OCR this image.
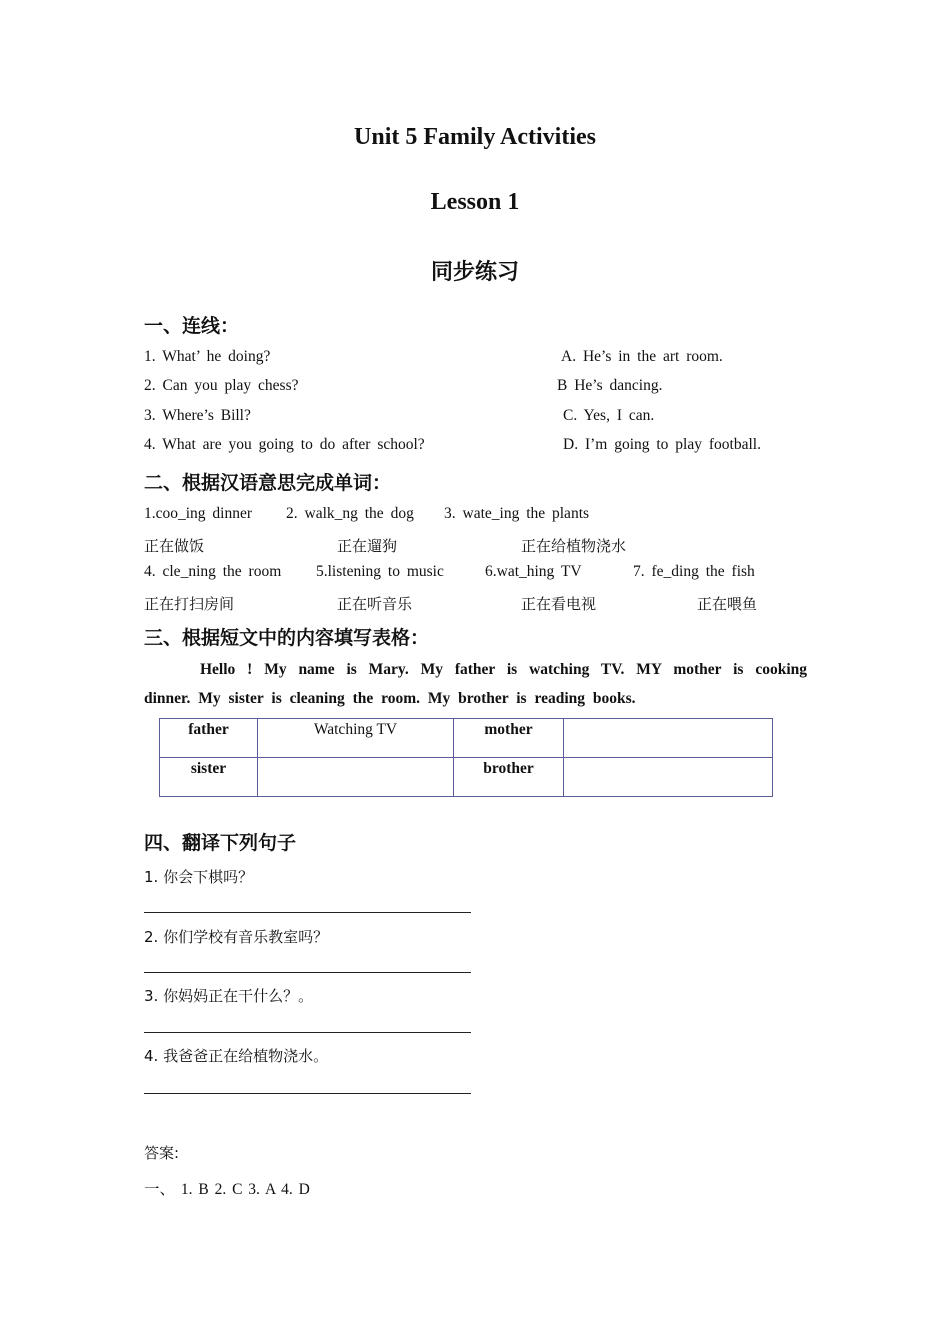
Unit 5 Family Activities
Lesson 1
同步练习
一、连线：
1. What’ he doing?
2. Can you play chess?
3. Where’s Bill?
4. What are you going to do after school?
A. He’s in the art room.
B He’s dancing.
C. Yes, I can.
D. I’m going to play football.
二、根据汉语意思完成单词：
1.coo_ing dinner 2. walk_ng the dog 3. wate_ing the plants
正在做饭	正在遛狗	正在给植物浇水
4. cle_ning the room 5.listening to music	6.wat_hing TV	7. fe_ding the fish
正在打扫房间	正在听音乐	正在看电视	正在喂鱼
三、根据短文中的内容填写表格：
Hello ! My name is Mary. My father is watching TV. MY mother is cooking
dinner. My sister is cleaning the room. My brother is reading books.
father	Watching TV	mother	
sister		brother	
四、翻译下列句子
1. 你会下棋吗？
2. 你们学校有音乐教室吗？
3. 你妈妈正在干什么？。
4. 我爸爸正在给植物浇水。
答案:
一、 1. B 2. C 3. A 4. D
